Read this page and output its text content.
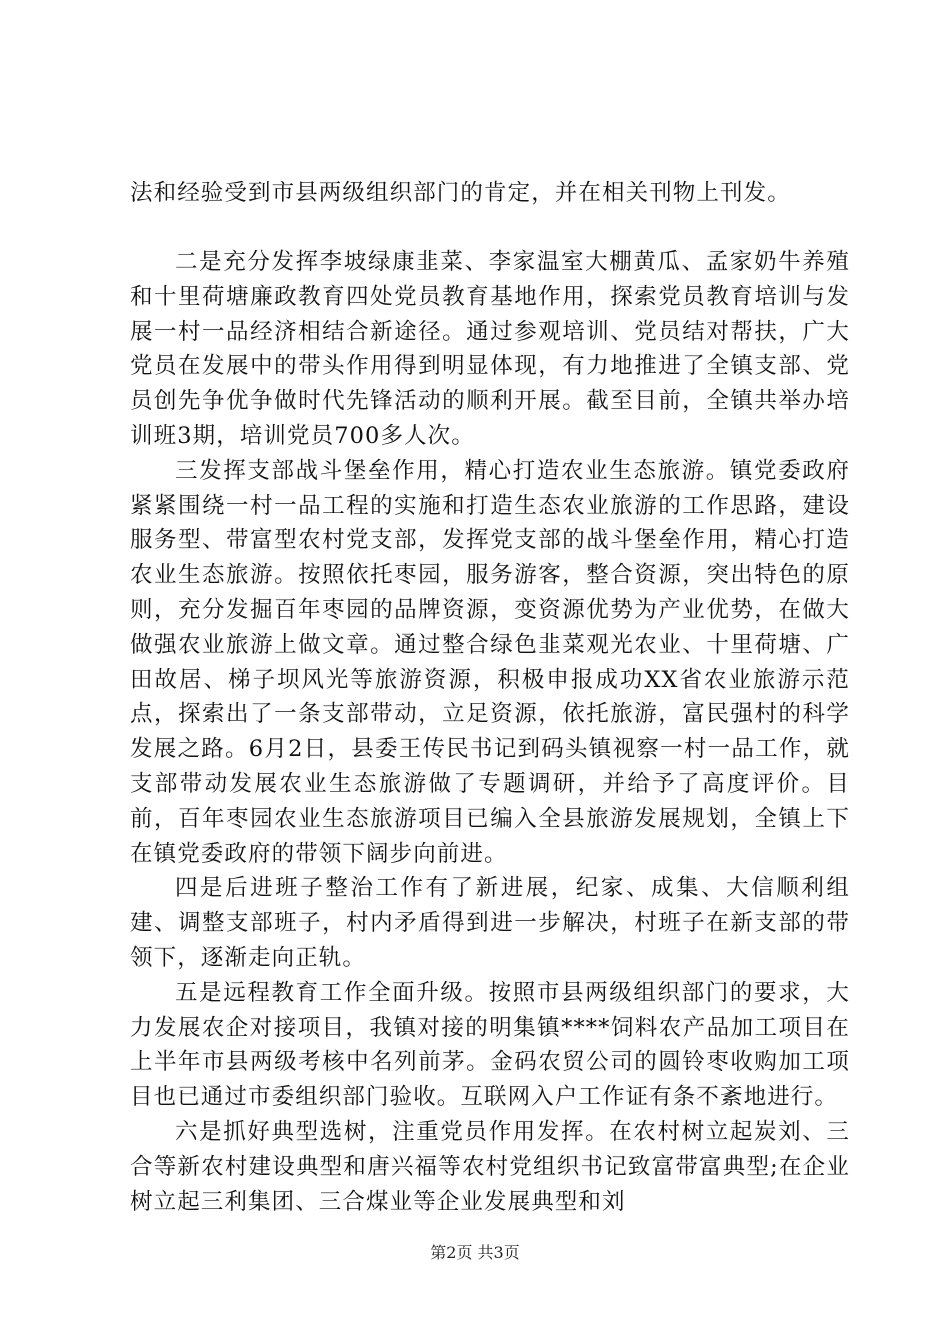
法和经验受到市县两级组织部门的肯定，并在相关刊物上刊发。

二是充分发挥李坡绿康韭菜、李家温室大棚黄瓜、孟家奶牛养殖和十里荷塘廉政教育四处党员教育基地作用，探索党员教育培训与发展一村一品经济相结合新途径。通过参观培训、党员结对帮扶，广大党员在发展中的带头作用得到明显体现，有力地推进了全镇支部、党员创先争优争做时代先锋活动的顺利开展。截至目前，全镇共举办培训班3期，培训党员700多人次。

三发挥支部战斗堡垒作用，精心打造农业生态旅游。镇党委政府紧紧围绕一村一品工程的实施和打造生态农业旅游的工作思路，建设服务型、带富型农村党支部，发挥党支部的战斗堡垒作用，精心打造农业生态旅游。按照依托枣园，服务游客，整合资源，突出特色的原则，充分发掘百年枣园的品牌资源，变资源优势为产业优势，在做大做强农业旅游上做文章。通过整合绿色韭菜观光农业、十里荷塘、广田故居、梯子坝风光等旅游资源，积极申报成功XX省农业旅游示范点，探索出了一条支部带动，立足资源，依托旅游，富民强村的科学发展之路。6月2日，县委王传民书记到码头镇视察一村一品工作，就支部带动发展农业生态旅游做了专题调研，并给予了高度评价。目前，百年枣园农业生态旅游项目已编入全县旅游发展规划，全镇上下在镇党委政府的带领下阔步向前进。

四是后进班子整治工作有了新进展，纪家、成集、大信顺利组建、调整支部班子，村内矛盾得到进一步解决，村班子在新支部的带领下，逐渐走向正轨。

五是远程教育工作全面升级。按照市县两级组织部门的要求，大力发展农企对接项目，我镇对接的明集镇****饲料农产品加工项目在上半年市县两级考核中名列前茅。金码农贸公司的圆铃枣收购加工项目也已通过市委组织部门验收。互联网入户工作证有条不紊地进行。

六是抓好典型选树，注重党员作用发挥。在农村树立起炭刘、三合等新农村建设典型和唐兴福等农村党组织书记致富带富典型;在企业树立起三利集团、三合煤业等企业发展典型和刘

第2页 共3页
